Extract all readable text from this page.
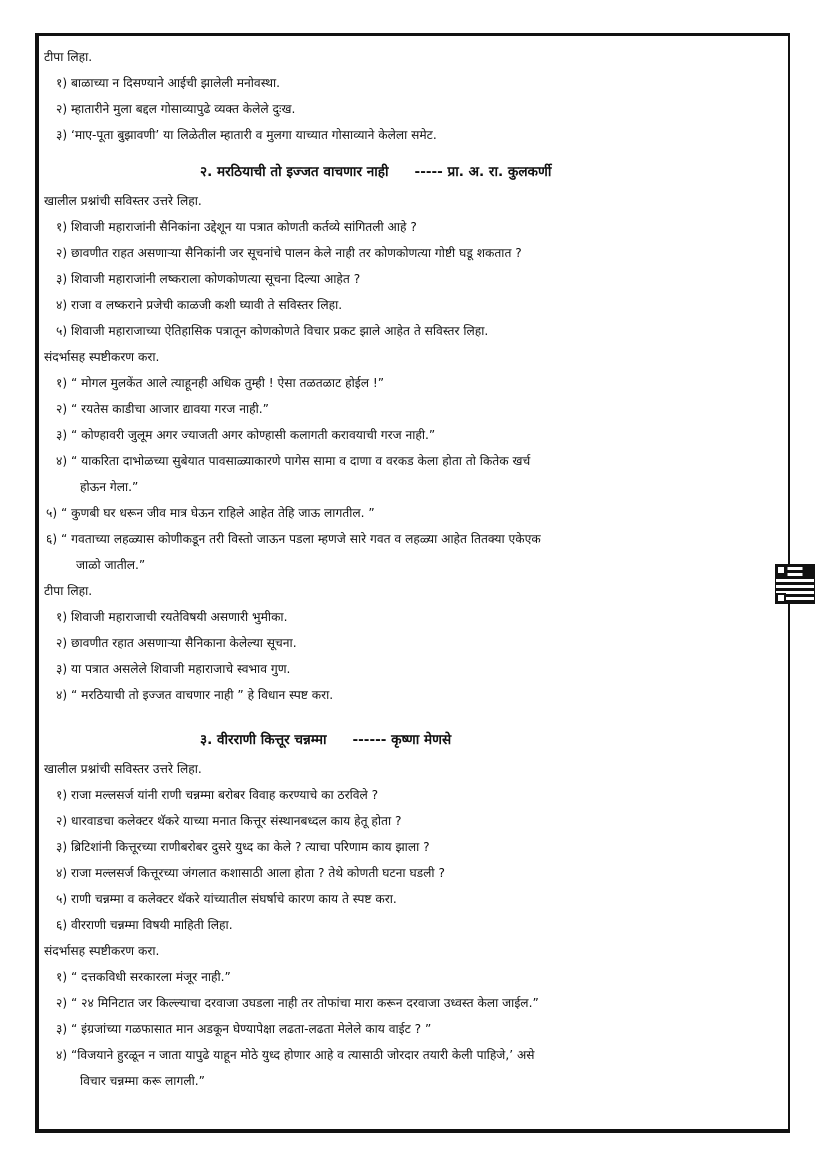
टीपा लिहा.
१) बाळाच्या न दिसण्याने आईची झालेली मनोवस्था.
२) म्हातारीने मुला बद्दल गोसाव्यापुढे व्यक्त केलेले दुःख.
३) ‘माए-पूता बुझावणी’ या लिळेतील म्हातारी व मुलगा याच्यात गोसाव्याने केलेला समेट.
२. मरठियाची तो इज्जत वाचणार नाही ----- प्रा. अ. रा. कुलकर्णी
खालील प्रश्नांची सविस्तर उत्तरे लिहा.
१) शिवाजी महाराजांनी सैनिकांना उद्देशून या पत्रात कोणती कर्तव्ये सांगितली आहे ?
२) छावणीत राहत असणाऱ्या सैनिकांनी जर सूचनांचे पालन केले नाही तर कोणकोणत्या गोष्टी घडू शकतात ?
३) शिवाजी महाराजांनी लष्कराला कोणकोणत्या सूचना दिल्या आहेत ?
४) राजा व लष्कराने प्रजेची काळजी कशी घ्यावी ते सविस्तर लिहा.
५) शिवाजी महाराजाच्या ऐतिहासिक पत्रातून कोणकोणते विचार प्रकट झाले आहेत ते सविस्तर लिहा.
संदर्भासह स्पष्टीकरण करा.
१) “ मोगल मुलकेंत आले त्याहूनही अधिक तुम्ही ! ऐसा तळतळाट होईल !”
२) “ रयतेस काडीचा आजार द्यावया गरज नाही.”
३) “ कोण्हावरी जुलूम अगर ज्याजती अगर कोण्हासी कलागती करावयाची गरज नाही.”
४) “ याकरिता दाभोळच्या सुबेयात पावसाळ्याकारणे पागेस सामा व दाणा व वरकड केला होता तो कितेक खर्च
होऊन गेला.”
५) “ कुणबी घर धरून जीव मात्र घेऊन राहिले आहेत तेहि जाऊ लागतील. ”
६) “ गवताच्या लहळ्यास कोणीकडून तरी विस्तो जाऊन पडला म्हणजे सारे गवत व लहळ्या आहेत तितक्या एकेएक
जाळो जातील.”
टीपा लिहा.
१) शिवाजी महाराजाची रयतेविषयी असणारी भुमीका.
२) छावणीत रहात असणाऱ्या सैनिकाना केलेल्या सूचना.
३) या पत्रात असलेले शिवाजी महाराजाचे स्वभाव गुण.
४) “ मरठियाची तो इज्जत वाचणार नाही ” हे विधान स्पष्ट करा.
३. वीरराणी कित्तूर चन्नम्मा ------ कृष्णा मेणसे
खालील प्रश्नांची सविस्तर उत्तरे लिहा.
१) राजा मल्लसर्ज यांनी राणी चन्नम्मा बरोबर विवाह करण्याचे का ठरविले ?
२) धारवाडचा कलेक्टर थॅकरे याच्या मनात कित्तूर संस्थानबध्दल काय हेतू होता ?
३) ब्रिटिशांनी कित्तूरच्या राणीबरोबर दुसरे युध्द का केले ? त्याचा परिणाम काय झाला ?
४) राजा मल्लसर्ज कित्तूरच्या जंगलात कशासाठी आला होता ? तेथे कोणती घटना घडली ?
५) राणी चन्नम्मा व कलेक्टर थॅकरे यांच्यातील संघर्षाचे कारण काय ते स्पष्ट करा.
६) वीरराणी चन्नम्मा विषयी माहिती लिहा.
संदर्भासह स्पष्टीकरण करा.
१) “ दत्तकविधी सरकारला मंजूर नाही.”
२) “ २४ मिनिटात जर किल्ल्याचा दरवाजा उघडला नाही तर तोफांचा मारा करून दरवाजा उध्वस्त केला जाईल.”
३) “ इंग्रजांच्या गळफासात मान अडकून घेण्यापेक्षा लढता-लढता मेलेले काय वाईट ? ”
४) “विजयाने हुरळून न जाता यापुढे याहून मोठे युध्द होणार आहे व त्यासाठी जोरदार तयारी केली पाहिजे,’ असे
विचार चन्नम्मा करू लागली.”
